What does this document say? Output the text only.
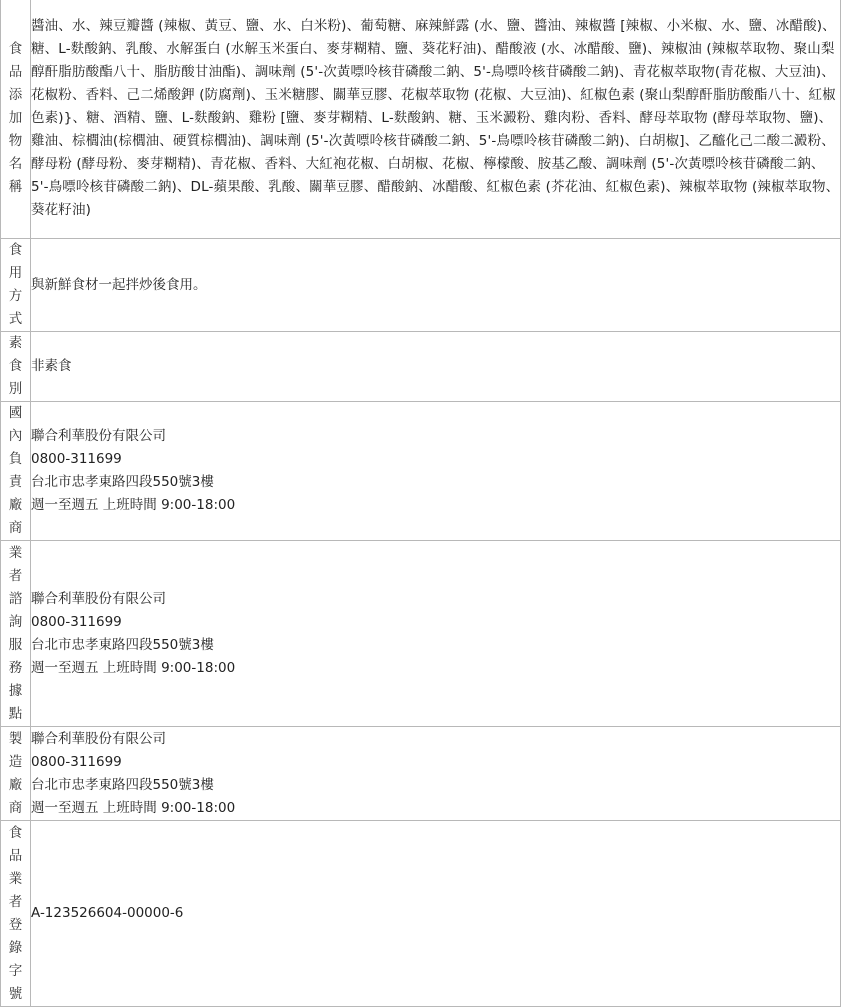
食品添加物名稱	醬油、水、辣豆瓣醬 (辣椒、黃豆、鹽、水、白米粉)、葡萄糖、麻辣鮮露 (水、鹽、醬油、辣椒醬 [辣椒、小米椒、水、鹽、冰醋酸)、糖、L-麩酸鈉、乳酸、水解蛋白 (水解玉米蛋白、麥芽糊精、鹽、葵花籽油)、醋酸液 (水、冰醋酸、鹽)、辣椒油 (辣椒萃取物、聚山梨醇酐脂肪酸酯八十、脂肪酸甘油酯)、調味劑 (5'-次黃嘌呤核苷磷酸二鈉、5'-鳥嘌呤核苷磷酸二鈉)、青花椒萃取物(青花椒、大豆油)、花椒粉、香料、己二烯酸鉀 (防腐劑)、玉米糖膠、關華豆膠、花椒萃取物 (花椒、大豆油)、紅椒色素 (聚山梨醇酐脂肪酸酯八十、紅椒色素)}、糖、酒精、鹽、L-麩酸鈉、雞粉 [鹽、麥芽糊精、L-麩酸鈉、糖、玉米澱粉、雞肉粉、香料、酵母萃取物 (酵母萃取物、鹽)、雞油、棕櫚油(棕櫚油、硬質棕櫚油)、調味劑 (5'-次黃嘌呤核苷磷酸二鈉、5'-鳥嘌呤核苷磷酸二鈉)、白胡椒]、乙醯化己二酸二澱粉、酵母粉 (酵母粉、麥芽糊精)、青花椒、香料、大紅袍花椒、白胡椒、花椒、檸檬酸、胺基乙酸、調味劑 (5'-次黃嘌呤核苷磷酸二鈉、5'-鳥嘌呤核苷磷酸二鈉)、DL-蘋果酸、乳酸、關華豆膠、醋酸鈉、冰醋酸、紅椒色素 (芥花油、紅椒色素)、辣椒萃取物 (辣椒萃取物、葵花籽油)

食用方式	與新鮮食材一起拌炒後食用。
素食別	非素食
國內負責廠商	聯合利華股份有限公司
0800-311699
台北市忠孝東路四段550號3樓
週一至週五 上班時間 9:00-18:00

業者諮詢服務據點	聯合利華股份有限公司
0800-311699
台北市忠孝東路四段550號3樓
週一至週五 上班時間 9:00-18:00

製造廠商	聯合利華股份有限公司
0800-311699
台北市忠孝東路四段550號3樓
週一至週五 上班時間 9:00-18:00

食品業者登錄字號	A-123526604-00000-6
